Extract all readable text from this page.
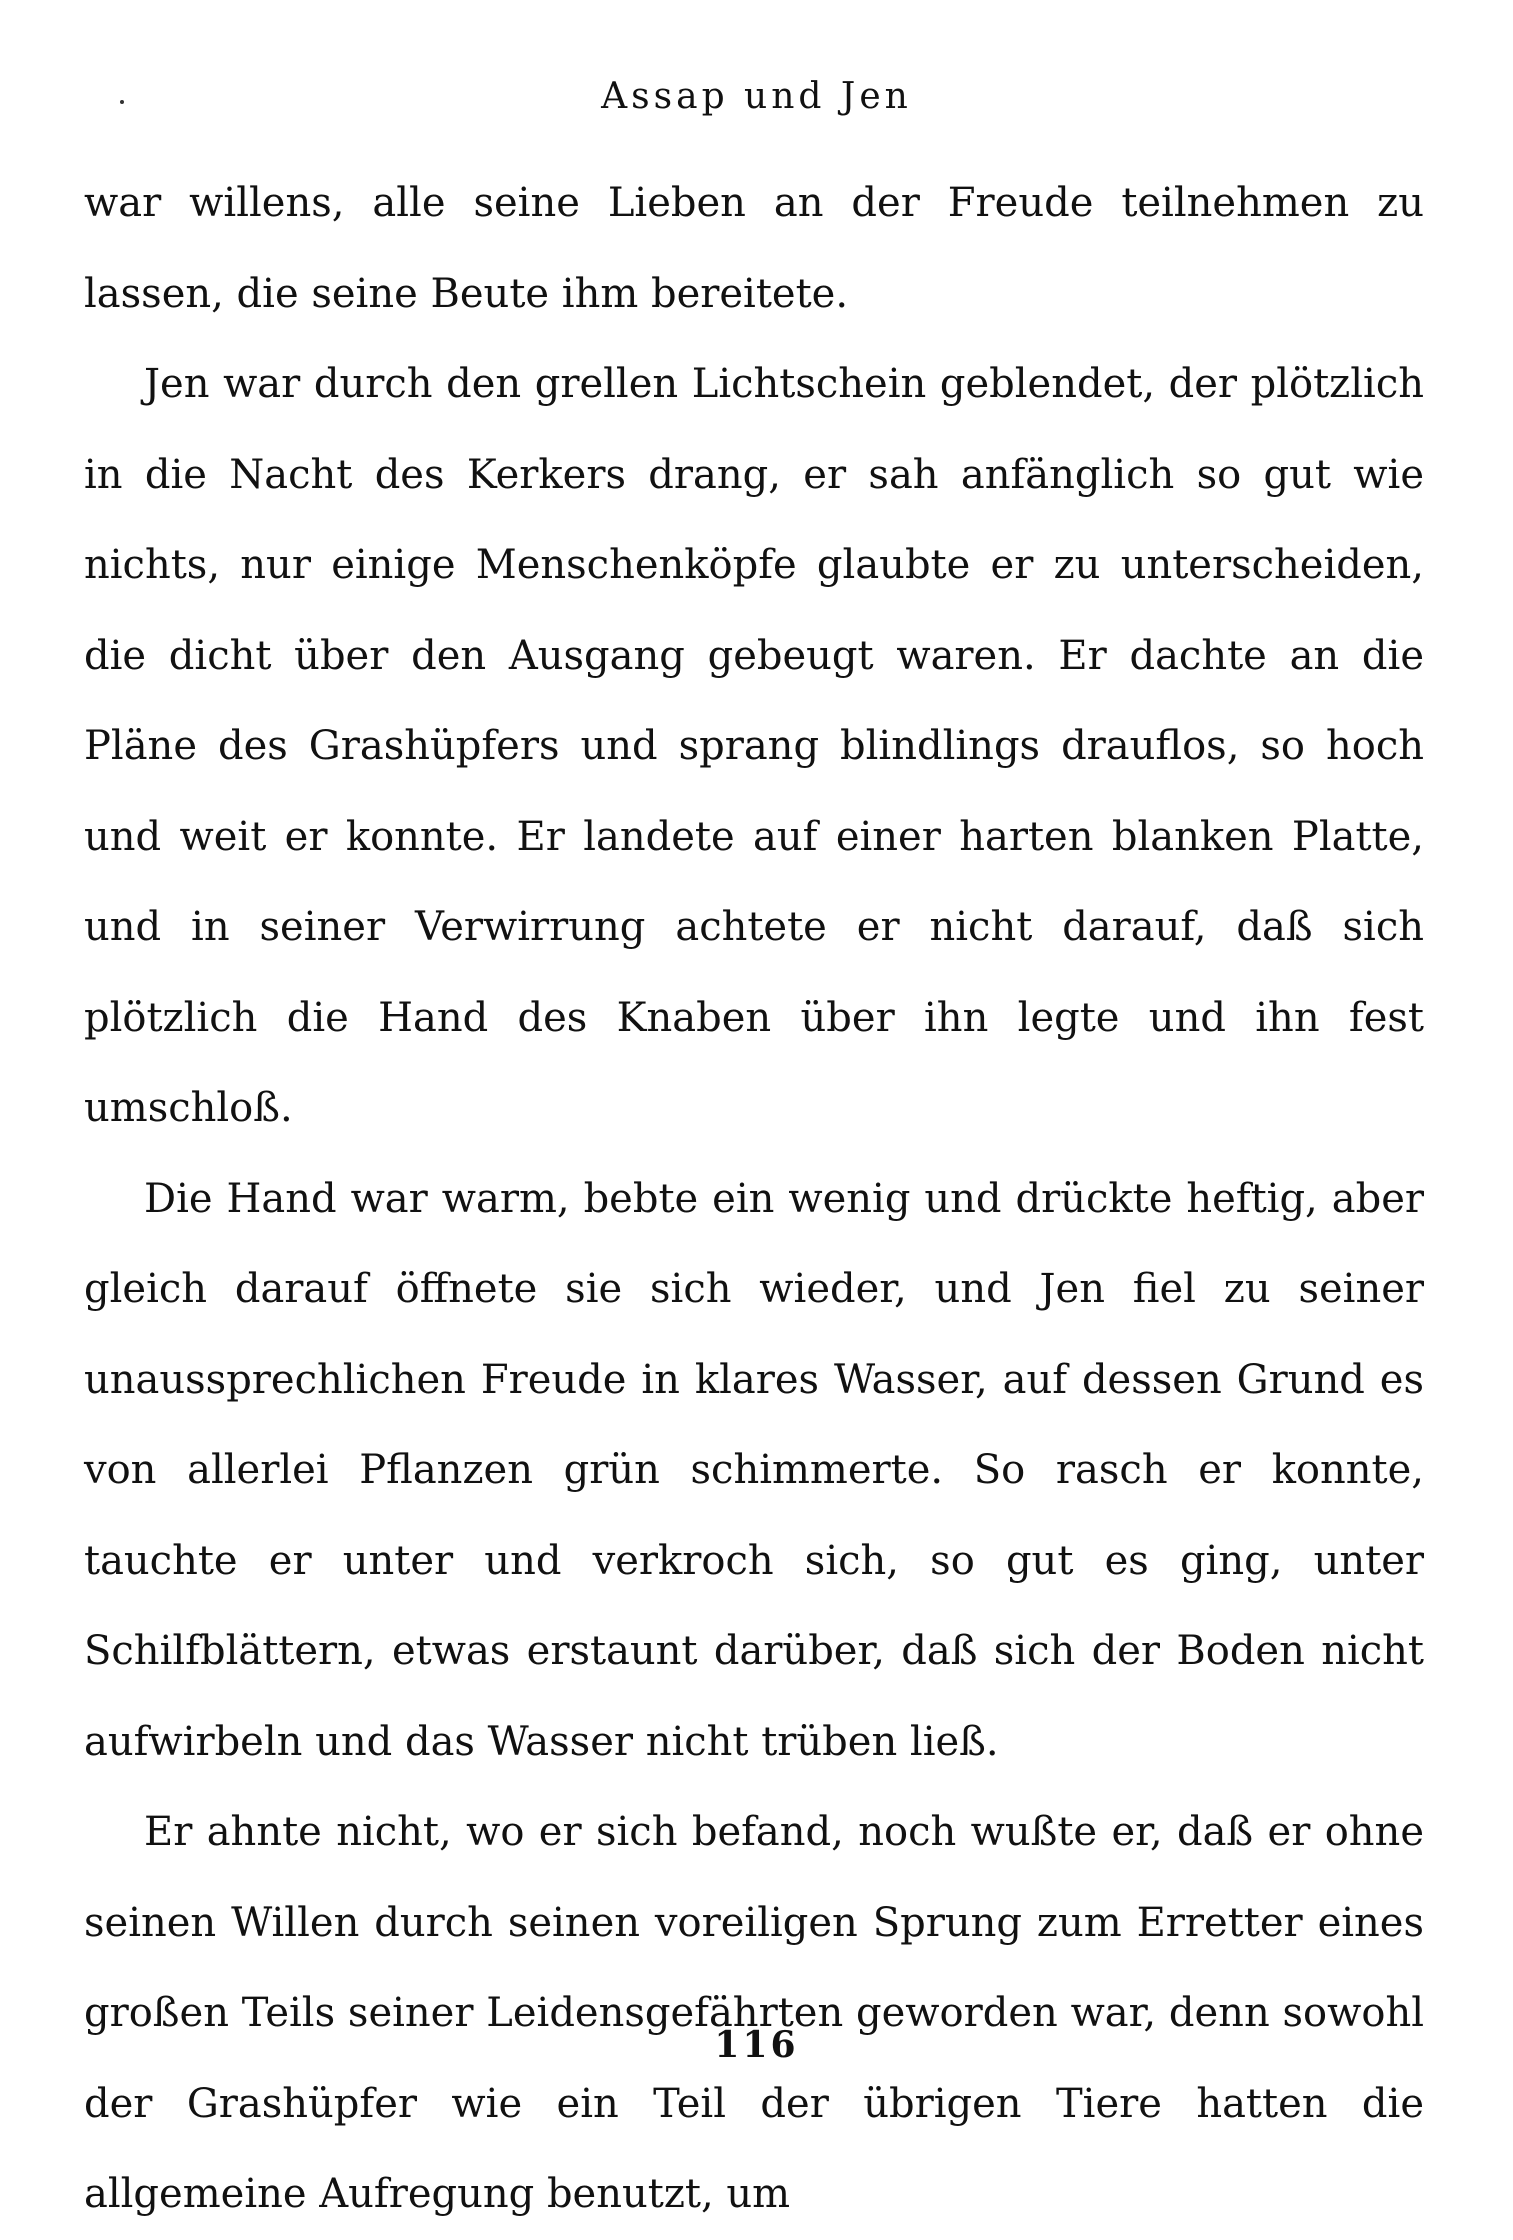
Assap und Jen

war willens, alle seine Lieben an der Freude teilnehmen zu lassen, die seine Beute ihm bereitete.

Jen war durch den grellen Lichtschein geblendet, der plötzlich in die Nacht des Kerkers drang, er sah anfänglich so gut wie nichts, nur einige Menschenköpfe glaubte er zu unterscheiden, die dicht über den Ausgang gebeugt waren. Er dachte an die Pläne des Grashüpfers und sprang blindlings drauflos, so hoch und weit er konnte. Er landete auf einer harten blanken Platte, und in seiner Verwirrung achtete er nicht darauf, daß sich plötzlich die Hand des Knaben über ihn legte und ihn fest umschloß.

Die Hand war warm, bebte ein wenig und drückte heftig, aber gleich darauf öffnete sie sich wieder, und Jen fiel zu seiner unaussprechlichen Freude in klares Wasser, auf dessen Grund es von allerlei Pflanzen grün schimmerte. So rasch er konnte, tauchte er unter und verkroch sich, so gut es ging, unter Schilfblättern, etwas erstaunt darüber, daß sich der Boden nicht aufwirbeln und das Wasser nicht trüben ließ.

Er ahnte nicht, wo er sich befand, noch wußte er, daß er ohne seinen Willen durch seinen voreiligen Sprung zum Erretter eines großen Teils seiner Leidensgefährten geworden war, denn sowohl der Grashüpfer wie ein Teil der übrigen Tiere hatten die allgemeine Aufregung benutzt, um

116
